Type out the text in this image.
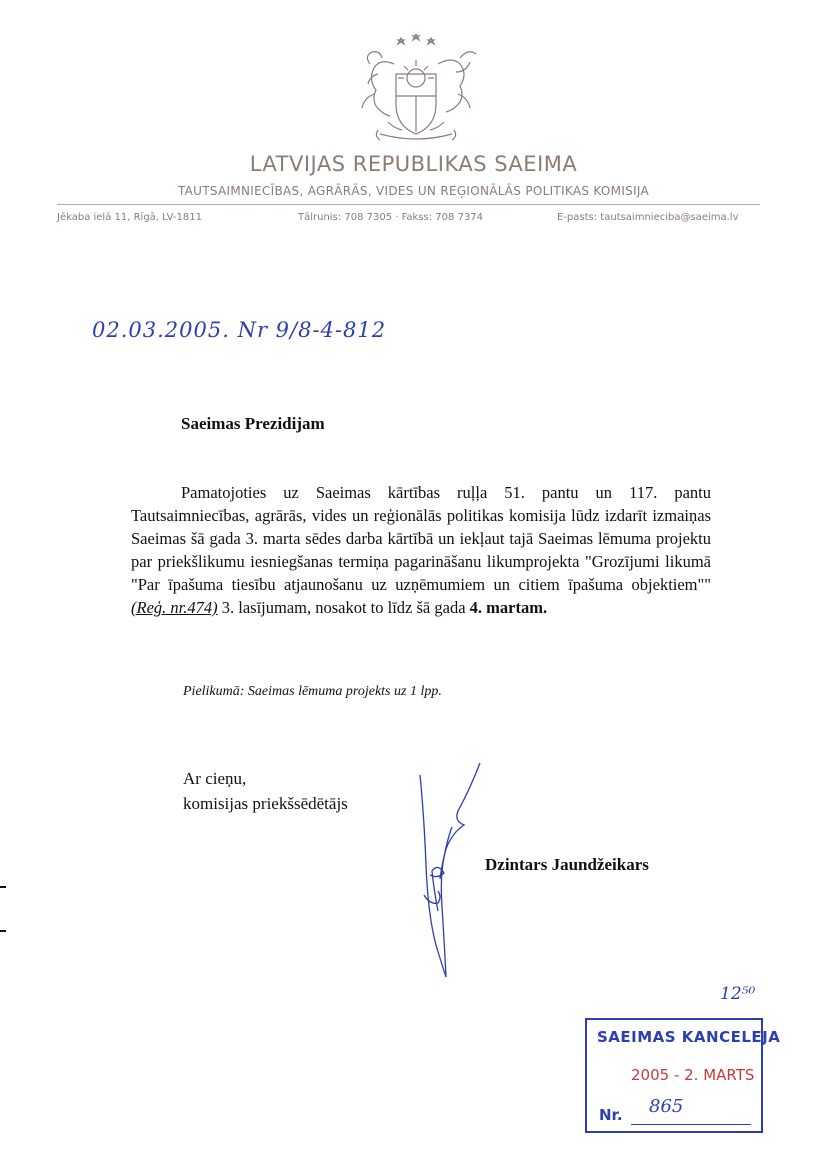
LATVIJAS REPUBLIKAS SAEIMA
TAUTSAIMNIECĪBAS, AGRĀRĀS, VIDES UN REĢIONĀLĀS POLITIKAS KOMISIJA
Jēkaba ielā 11, Rīgā, LV-1811	Tālrunis: 708 7305 · Fakss: 708 7374	E-pasts: tautsaimnieciba@saeima.lv
02.03.2005. Nr 9/8-4-812
Saeimas Prezidijam
Pamatojoties uz Saeimas kārtības ruļļa 51. pantu un 117. pantu Tautsaimniecības, agrārās, vides un reģionālās politikas komisija lūdz izdarīt izmaiņas Saeimas šā gada 3. marta sēdes darba kārtībā un iekļaut tajā Saeimas lēmuma projektu par priekšlikumu iesniegšanas termiņa pagarināšanu likumprojekta "Grozījumi likumā "Par īpašuma tiesību atjaunošanu uz uzņēmumiem un citiem īpašuma objektiem"" (Reģ. nr.474) 3. lasījumam, nosakot to līdz šā gada 4. martam.
Pielikumā: Saeimas lēmuma projekts uz 1 lpp.
Ar cieņu,
komisijas priekšsēdētājs
Dzintars Jaundžeikars
12⁵⁰
SAEIMAS KANCELEJA
2005 - 2. MARTS
Nr. 865
